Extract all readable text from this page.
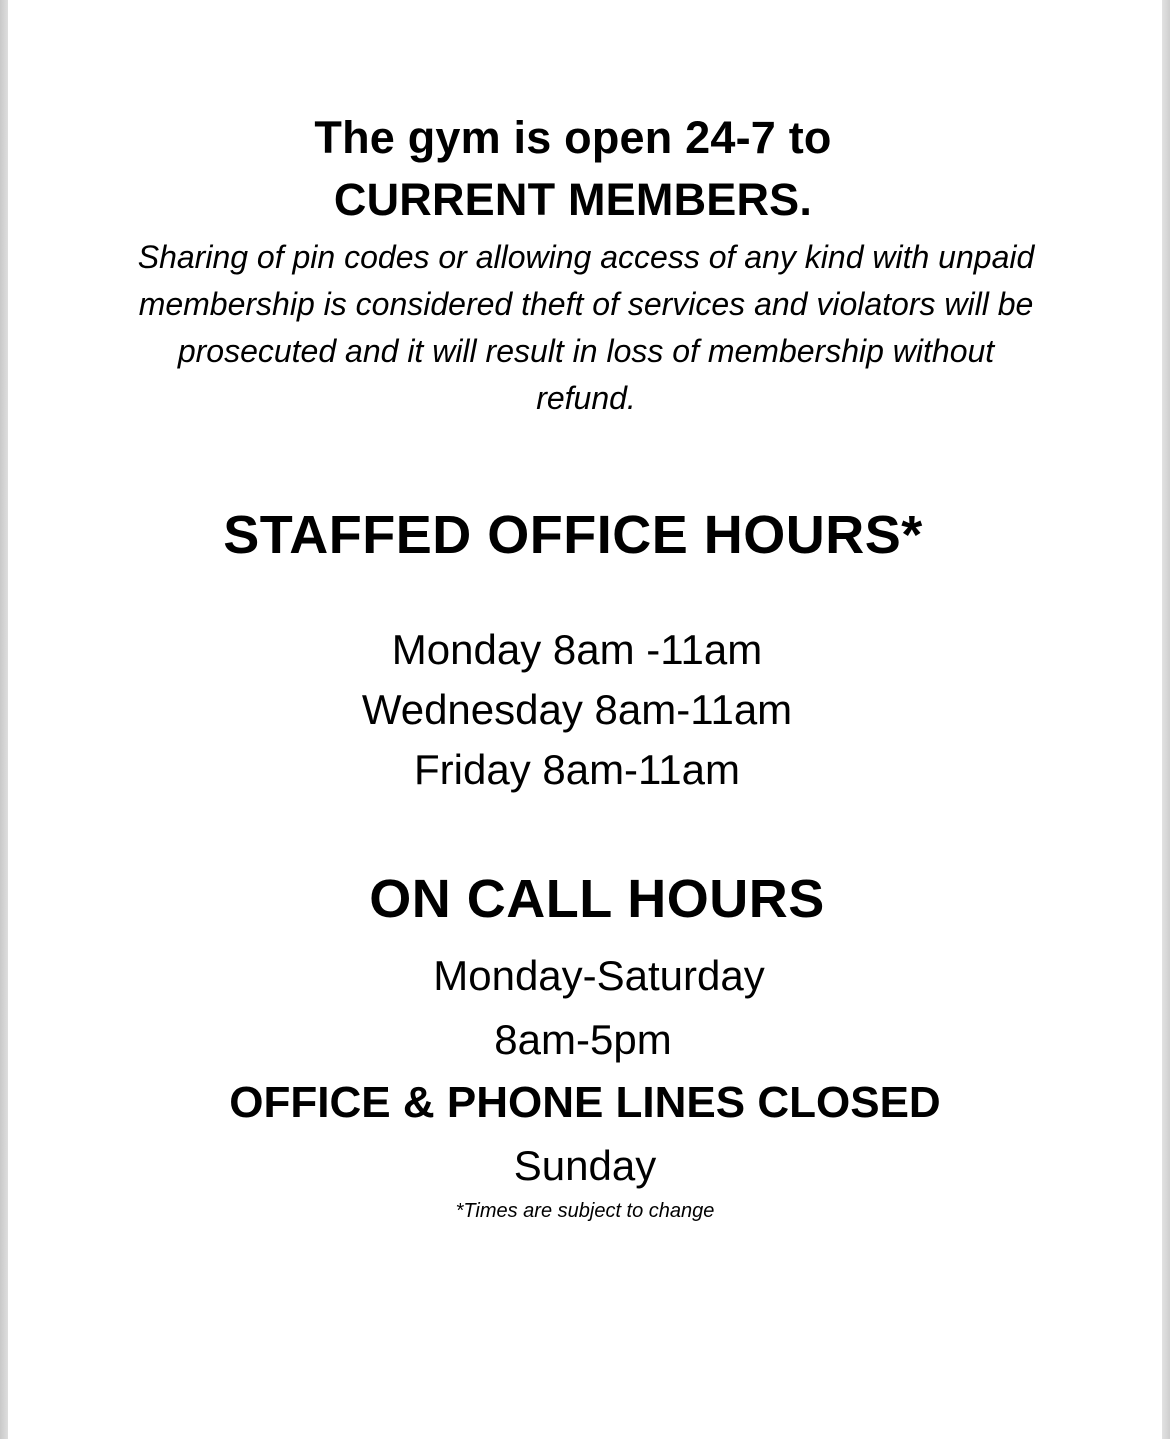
The gym is open 24-7 to
CURRENT MEMBERS.
Sharing of pin codes or allowing access of any kind with unpaid membership is considered theft of services and violators will be prosecuted and it will result in loss of membership without refund.
STAFFED OFFICE HOURS*
Monday 8am -11am
Wednesday 8am-11am
Friday 8am-11am
ON CALL HOURS
Monday-Saturday
8am-5pm
OFFICE & PHONE LINES CLOSED
Sunday
*Times are subject to change
